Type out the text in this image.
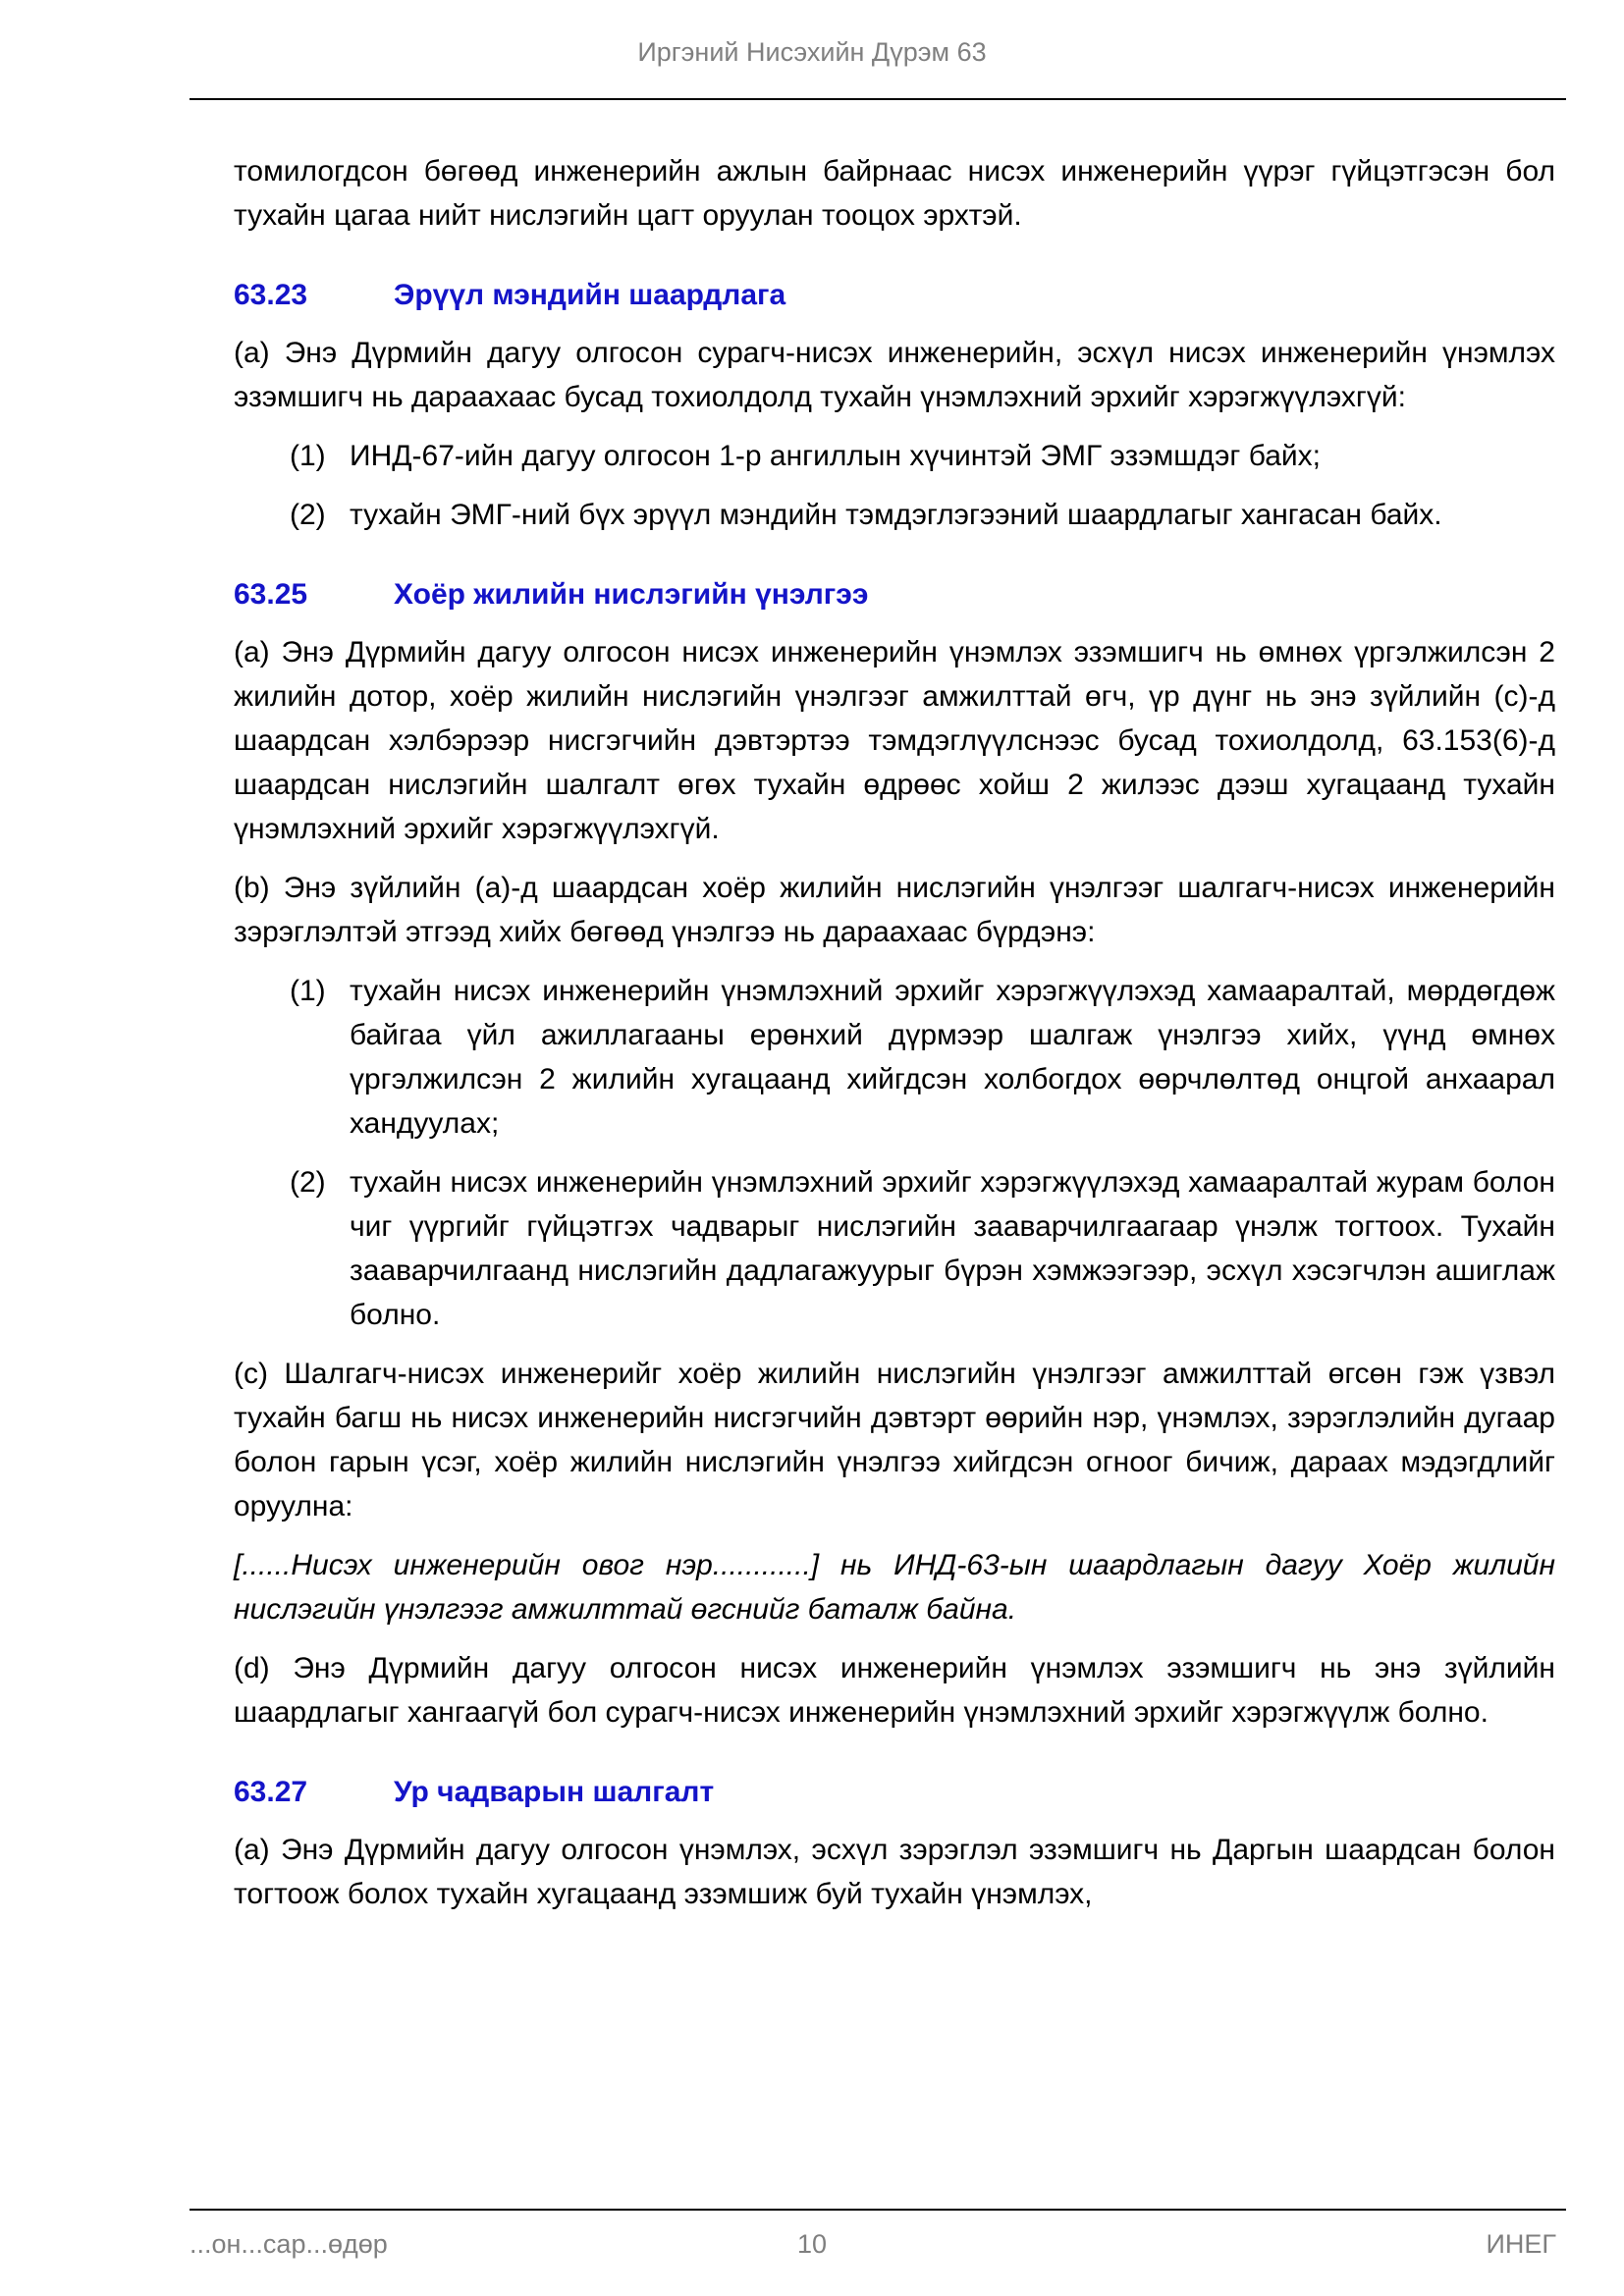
Иргэний Нисэхийн Дүрэм 63

томилогдсон бөгөөд инженерийн ажлын байрнаас нисэх инженерийн үүрэг гүйцэтгэсэн бол тухайн цагаа нийт нислэгийн цагт оруулан тооцох эрхтэй.

63.23	Эрүүл мэндийн шаардлага

(a) Энэ Дүрмийн дагуу олгосон сурагч-нисэх инженерийн, эсхүл нисэх инженерийн үнэмлэх эзэмшигч нь дараахаас бусад тохиолдолд тухайн үнэмлэхний эрхийг хэрэгжүүлэхгүй:

(1) ИНД-67-ийн дагуу олгосон 1-р ангиллын хүчинтэй ЭМГ эзэмшдэг байх;

(2) тухайн ЭМГ-ний бүх эрүүл мэндийн тэмдэглэгээний шаардлагыг хангасан байх.

63.25	Хоёр жилийн нислэгийн үнэлгээ

(a) Энэ Дүрмийн дагуу олгосон нисэх инженерийн үнэмлэх эзэмшигч нь өмнөх үргэлжилсэн 2 жилийн дотор, хоёр жилийн нислэгийн үнэлгээг амжилттай өгч, үр дүнг нь энэ зүйлийн (c)-д шаардсан хэлбэрээр нисгэгчийн дэвтэртээ тэмдэглүүлснээс бусад тохиолдолд, 63.153(6)-д шаардсан нислэгийн шалгалт өгөх тухайн өдрөөс хойш 2 жилээс дээш хугацаанд тухайн үнэмлэхний эрхийг хэрэгжүүлэхгүй.

(b) Энэ зүйлийн (a)-д шаардсан хоёр жилийн нислэгийн үнэлгээг шалгагч-нисэх инженерийн зэрэглэлтэй этгээд хийх бөгөөд үнэлгээ нь дараахаас бүрдэнэ:

(1) тухайн нисэх инженерийн үнэмлэхний эрхийг хэрэгжүүлэхэд хамааралтай, мөрдөгдөж байгаа үйл ажиллагааны ерөнхий дүрмээр шалгаж үнэлгээ хийх, үүнд өмнөх үргэлжилсэн 2 жилийн хугацаанд хийгдсэн холбогдох өөрчлөлтөд онцгой анхаарал хандуулах;

(2) тухайн нисэх инженерийн үнэмлэхний эрхийг хэрэгжүүлэхэд хамааралтай журам болон чиг үүргийг гүйцэтгэх чадварыг нислэгийн зааварчилгаагаар үнэлж тогтоох. Тухайн зааварчилгаанд нислэгийн дадлагажуурыг бүрэн хэмжээгээр, эсхүл хэсэгчлэн ашиглаж болно.

(c) Шалгагч-нисэх инженерийг хоёр жилийн нислэгийн үнэлгээг амжилттай өгсөн гэж үзвэл тухайн багш нь нисэх инженерийн нисгэгчийн дэвтэрт өөрийн нэр, үнэмлэх, зэрэглэлийн дугаар болон гарын үсэг, хоёр жилийн нислэгийн үнэлгээ хийгдсэн огноог бичиж, дараах мэдэгдлийг оруулна:

[......Нисэх инженерийн овог нэр............] нь ИНД-63-ын шаардлагын дагуу Хоёр жилийн нислэгийн үнэлгээг амжилттай өгснийг баталж байна.

(d) Энэ Дүрмийн дагуу олгосон нисэх инженерийн үнэмлэх эзэмшигч нь энэ зүйлийн шаардлагыг хангаагүй бол сурагч-нисэх инженерийн үнэмлэхний эрхийг хэрэгжүүлж болно.

63.27	Ур чадварын шалгалт

(a) Энэ Дүрмийн дагуу олгосон үнэмлэх, эсхүл зэрэглэл эзэмшигч нь Даргын шаардсан болон тогтоож болох тухайн хугацаанд эзэмшиж буй тухайн үнэмлэх,

...он...сар...өдөр	10	ИНЕГ
